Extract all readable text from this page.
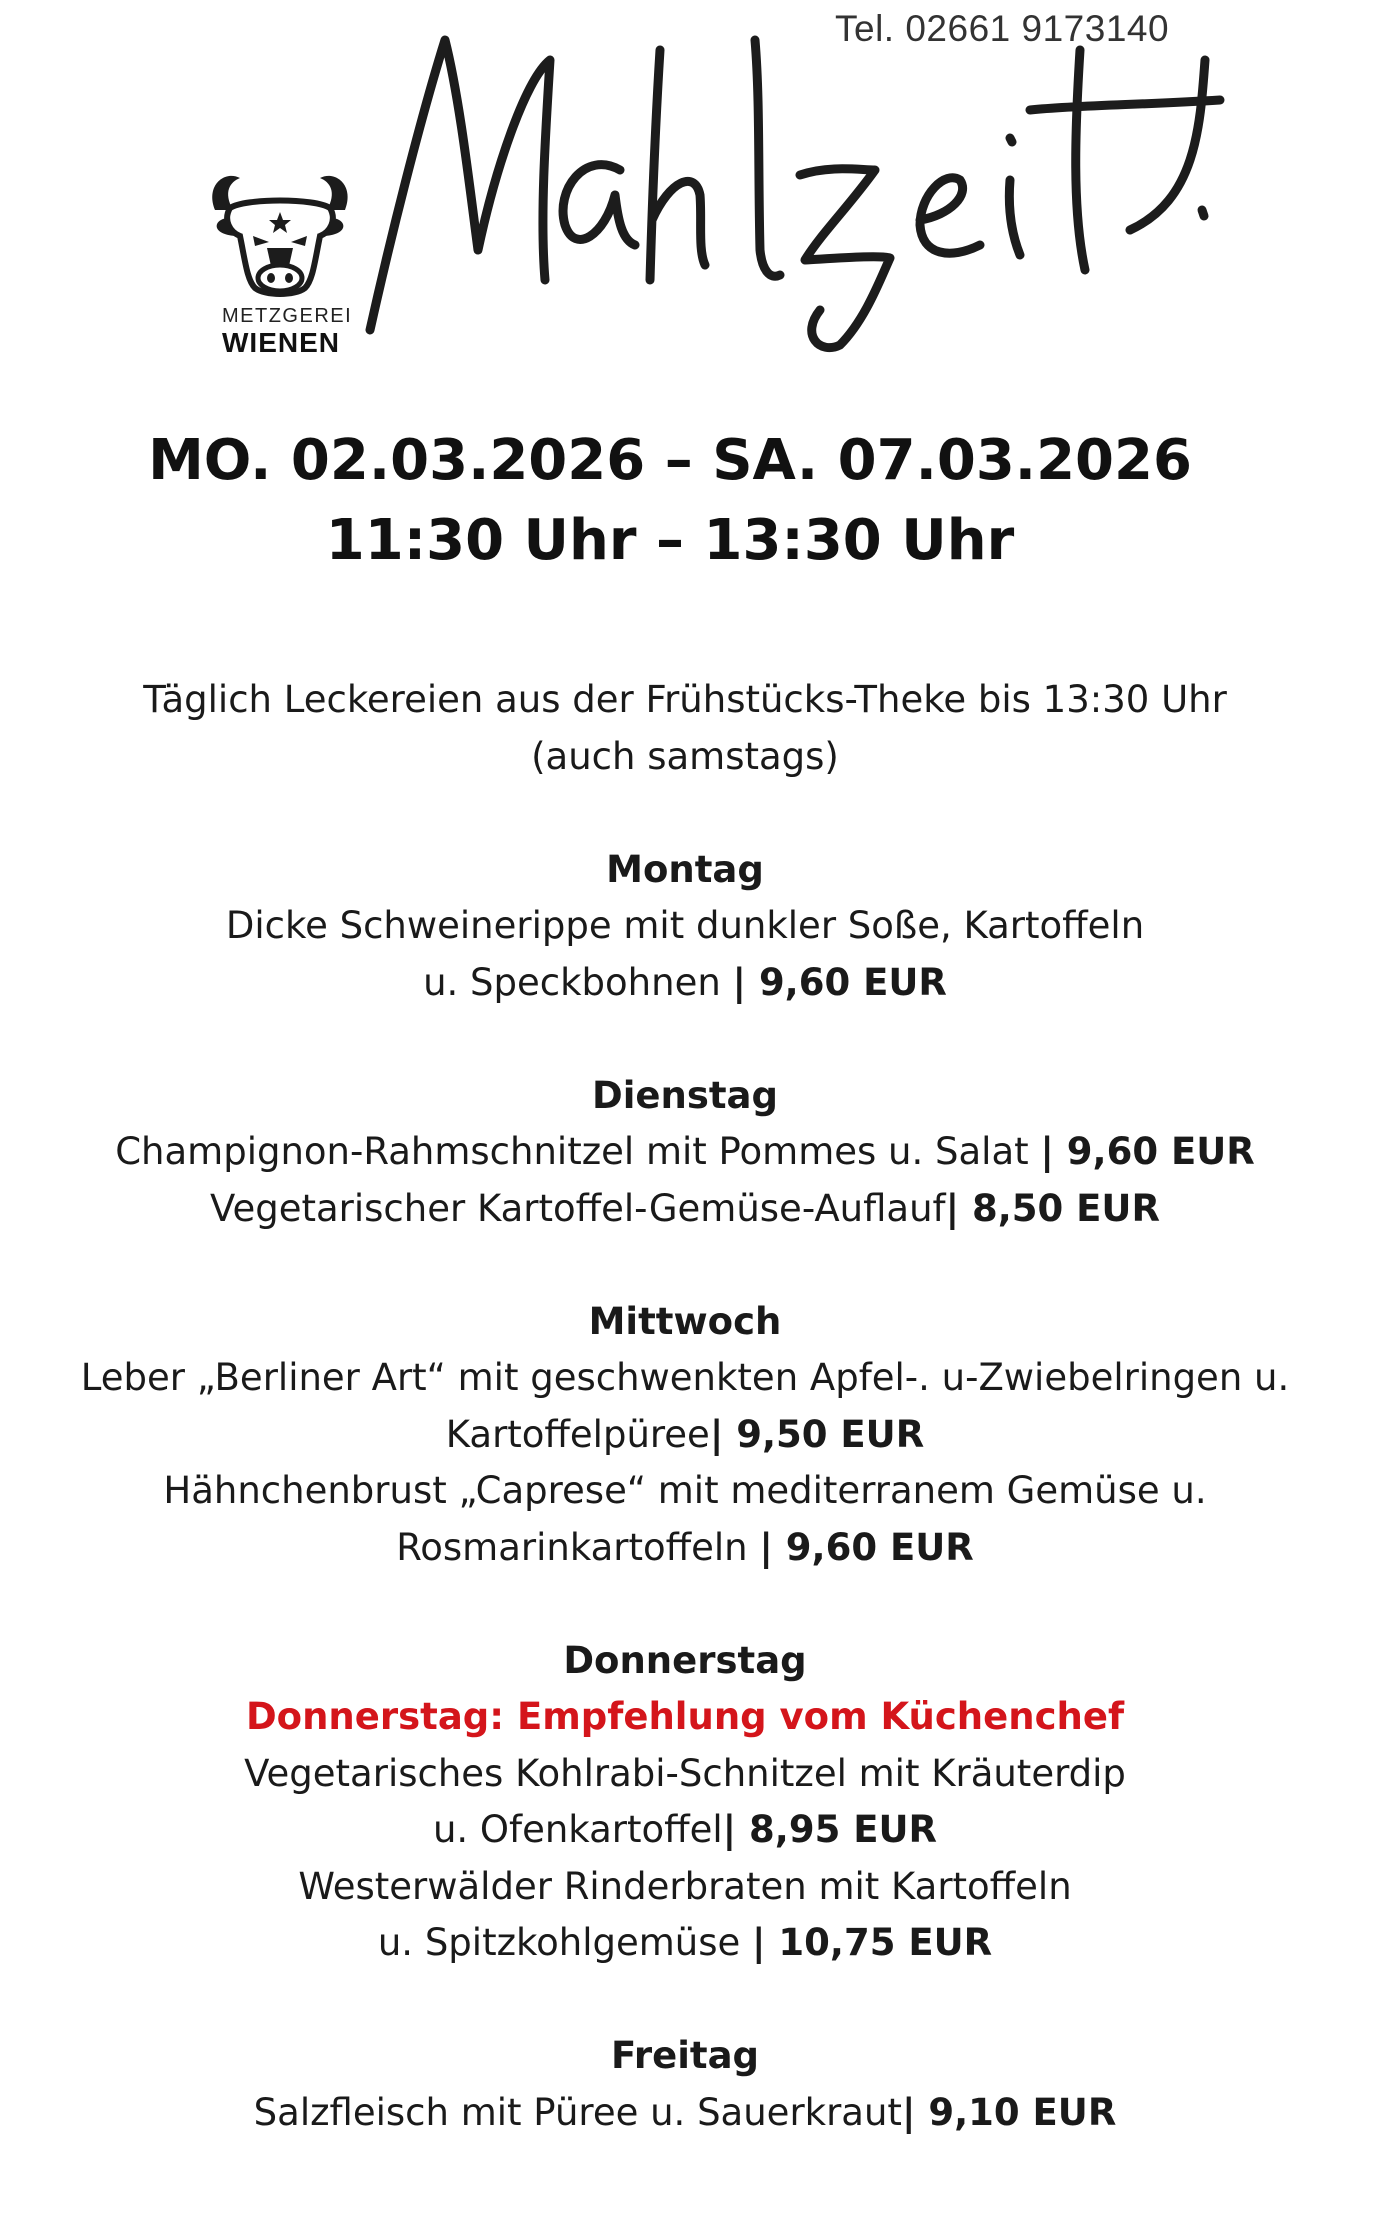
Tel. 02661 9173140
METZGEREI
WIENEN
MO. 02.03.2026 – SA. 07.03.2026
11:30 Uhr – 13:30 Uhr
Täglich Leckereien aus der Frühstücks-Theke bis 13:30 Uhr
(auch samstags)
Montag
Dicke Schweinerippe mit dunkler Soße, Kartoffeln
u. Speckbohnen | 9,60 EUR
Dienstag
Champignon-Rahmschnitzel mit Pommes u. Salat | 9,60 EUR
Vegetarischer Kartoffel-Gemüse-Auflauf| 8,50 EUR
Mittwoch
Leber „Berliner Art“ mit geschwenkten Apfel-. u-Zwiebelringen u.
Kartoffelpüree| 9,50 EUR
Hähnchenbrust „Caprese“ mit mediterranem Gemüse u.
Rosmarinkartoffeln | 9,60 EUR
Donnerstag
Donnerstag: Empfehlung vom Küchenchef
Vegetarisches Kohlrabi-Schnitzel mit Kräuterdip
u. Ofenkartoffel| 8,95 EUR
Westerwälder Rinderbraten mit Kartoffeln
u. Spitzkohlgemüse | 10,75 EUR
Freitag
Salzfleisch mit Püree u. Sauerkraut| 9,10 EUR
